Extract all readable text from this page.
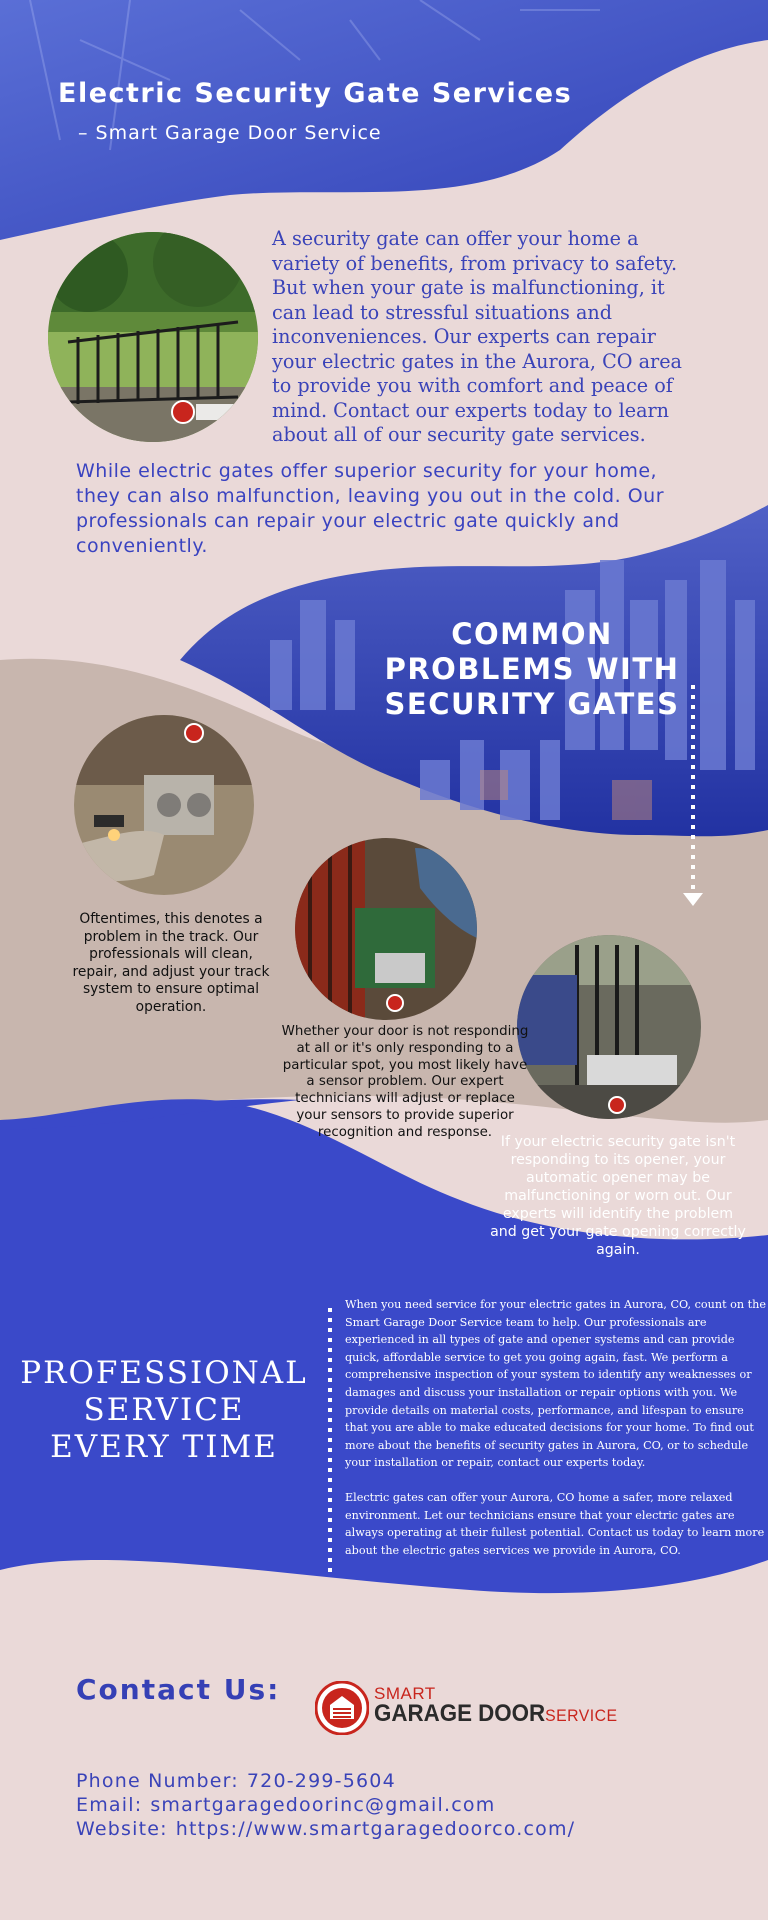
Electric Security Gate Services
– Smart Garage Door Service
A security gate can offer your home a variety of benefits, from privacy to safety. But when your gate is malfunctioning, it can lead to stressful situations and inconveniences. Our experts can repair your electric gates in the Aurora, CO area to provide you with comfort and peace of mind. Contact our experts today to learn about all of our security gate services.
While electric gates offer superior security for your home, they can also malfunction, leaving you out in the cold. Our professionals can repair your electric gate quickly and conveniently.
COMMON
PROBLEMS WITH
SECURITY GATES
Oftentimes, this denotes a problem in the track. Our professionals will clean, repair, and adjust your track system to ensure optimal operation.
Whether your door is not responding at all or it's only responding to a particular spot, you most likely have a sensor problem. Our expert technicians will adjust or replace your sensors to provide superior recognition and response.
If your electric security gate isn't responding to its opener, your automatic opener may be malfunctioning or worn out. Our experts will identify the problem and get your gate opening correctly again.
PROFESSIONAL
SERVICE
EVERY TIME

When you need service for your electric gates in Aurora, CO, count on the Smart Garage Door Service team to help. Our professionals are experienced in all types of gate and opener systems and can provide quick, affordable service to get you going again, fast. We perform a comprehensive inspection of your system to identify any weaknesses or damages and discuss your installation or repair options with you. We provide details on material costs, performance, and lifespan to ensure that you are able to make educated decisions for your home. To find out more about the benefits of security gates in Aurora, CO, or to schedule your installation or repair, contact our experts today.

Electric gates can offer your Aurora, CO home a safer, more relaxed environment. Let our technicians ensure that your electric gates are always operating at their fullest potential. Contact us today to learn more about the electric gates services we provide in Aurora, CO.

Contact Us:	SMART
GARAGE DOORSERVICE
Phone Number: 720-299-5604
Email: smartgaragedoorinc@gmail.com
Website: https://www.smartgaragedoorco.com/
